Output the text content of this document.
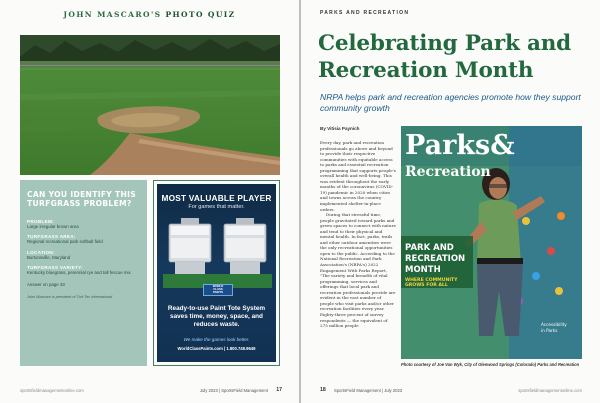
JOHN MASCARO'S PHOTO QUIZ
CAN YOU IDENTIFY THIS TURFGRASS PROBLEM?
PROBLEM:
Large irregular brown area
TURFGRASS AREA:
Regional recreational park softball field
LOCATION:
Burtonsville, Maryland
TURFGRASS VARIETY:
Kentucky bluegrass, perennial rye and tall fescue mix
Answer on page 33
John Mascaro is president of Turf-Tec International
MOST VALUABLE PLAYER
For games that matter.
WORLD
CLASS
PAINTS
Ready-to-use Paint Tote System saves time, money, space, and reduces waste.
We make the games look better.
WorldClassPaints.com | 1.800.748.9649
sportsfieldmanagementonline.com	July 2023 | SportsField Management 17
PARKS AND RECREATION
Celebrating Park and Recreation Month
NRPA helps park and recreation agencies promote how they support community growth
By Vitisia Paynich

Every day, park and recreation professionals go above and beyond to provide their respective communities with equitable access to parks and essential recreation programming that supports people's overall health and well-being. This was evident throughout the early months of the coronavirus (COVID-19) pandemic in 2020 when cities and towns across the country implemented shelter-in-place orders.

During that stressful time, people gravitated toward parks and green spaces to connect with nature and tend to their physical and mental health. In fact, parks, trails and other outdoor amenities were the only recreational opportunities open to the public. According to the National Recreation and Park Association's (NRPA's) 2022 Engagement With Parks Report, "The variety and breadth of vital programming, services and offerings that local park and recreation professionals provide are evident in the vast number of people who visit parks and/or other recreation facilities every year. Eighty-three percent of survey respondents — the equivalent of 275 million people

Parks&
Recreation
PARK AND
RECREATION
MONTH
WHERE COMMUNITY
GROWS FOR ALL
Accessibility
in Parks
Photo courtesy of Joe Van Wyk, City of Glenwood Springs (Colorado) Parks and Recreation
18 SportsField Management | July 2023	sportsfieldmanagementonline.com
